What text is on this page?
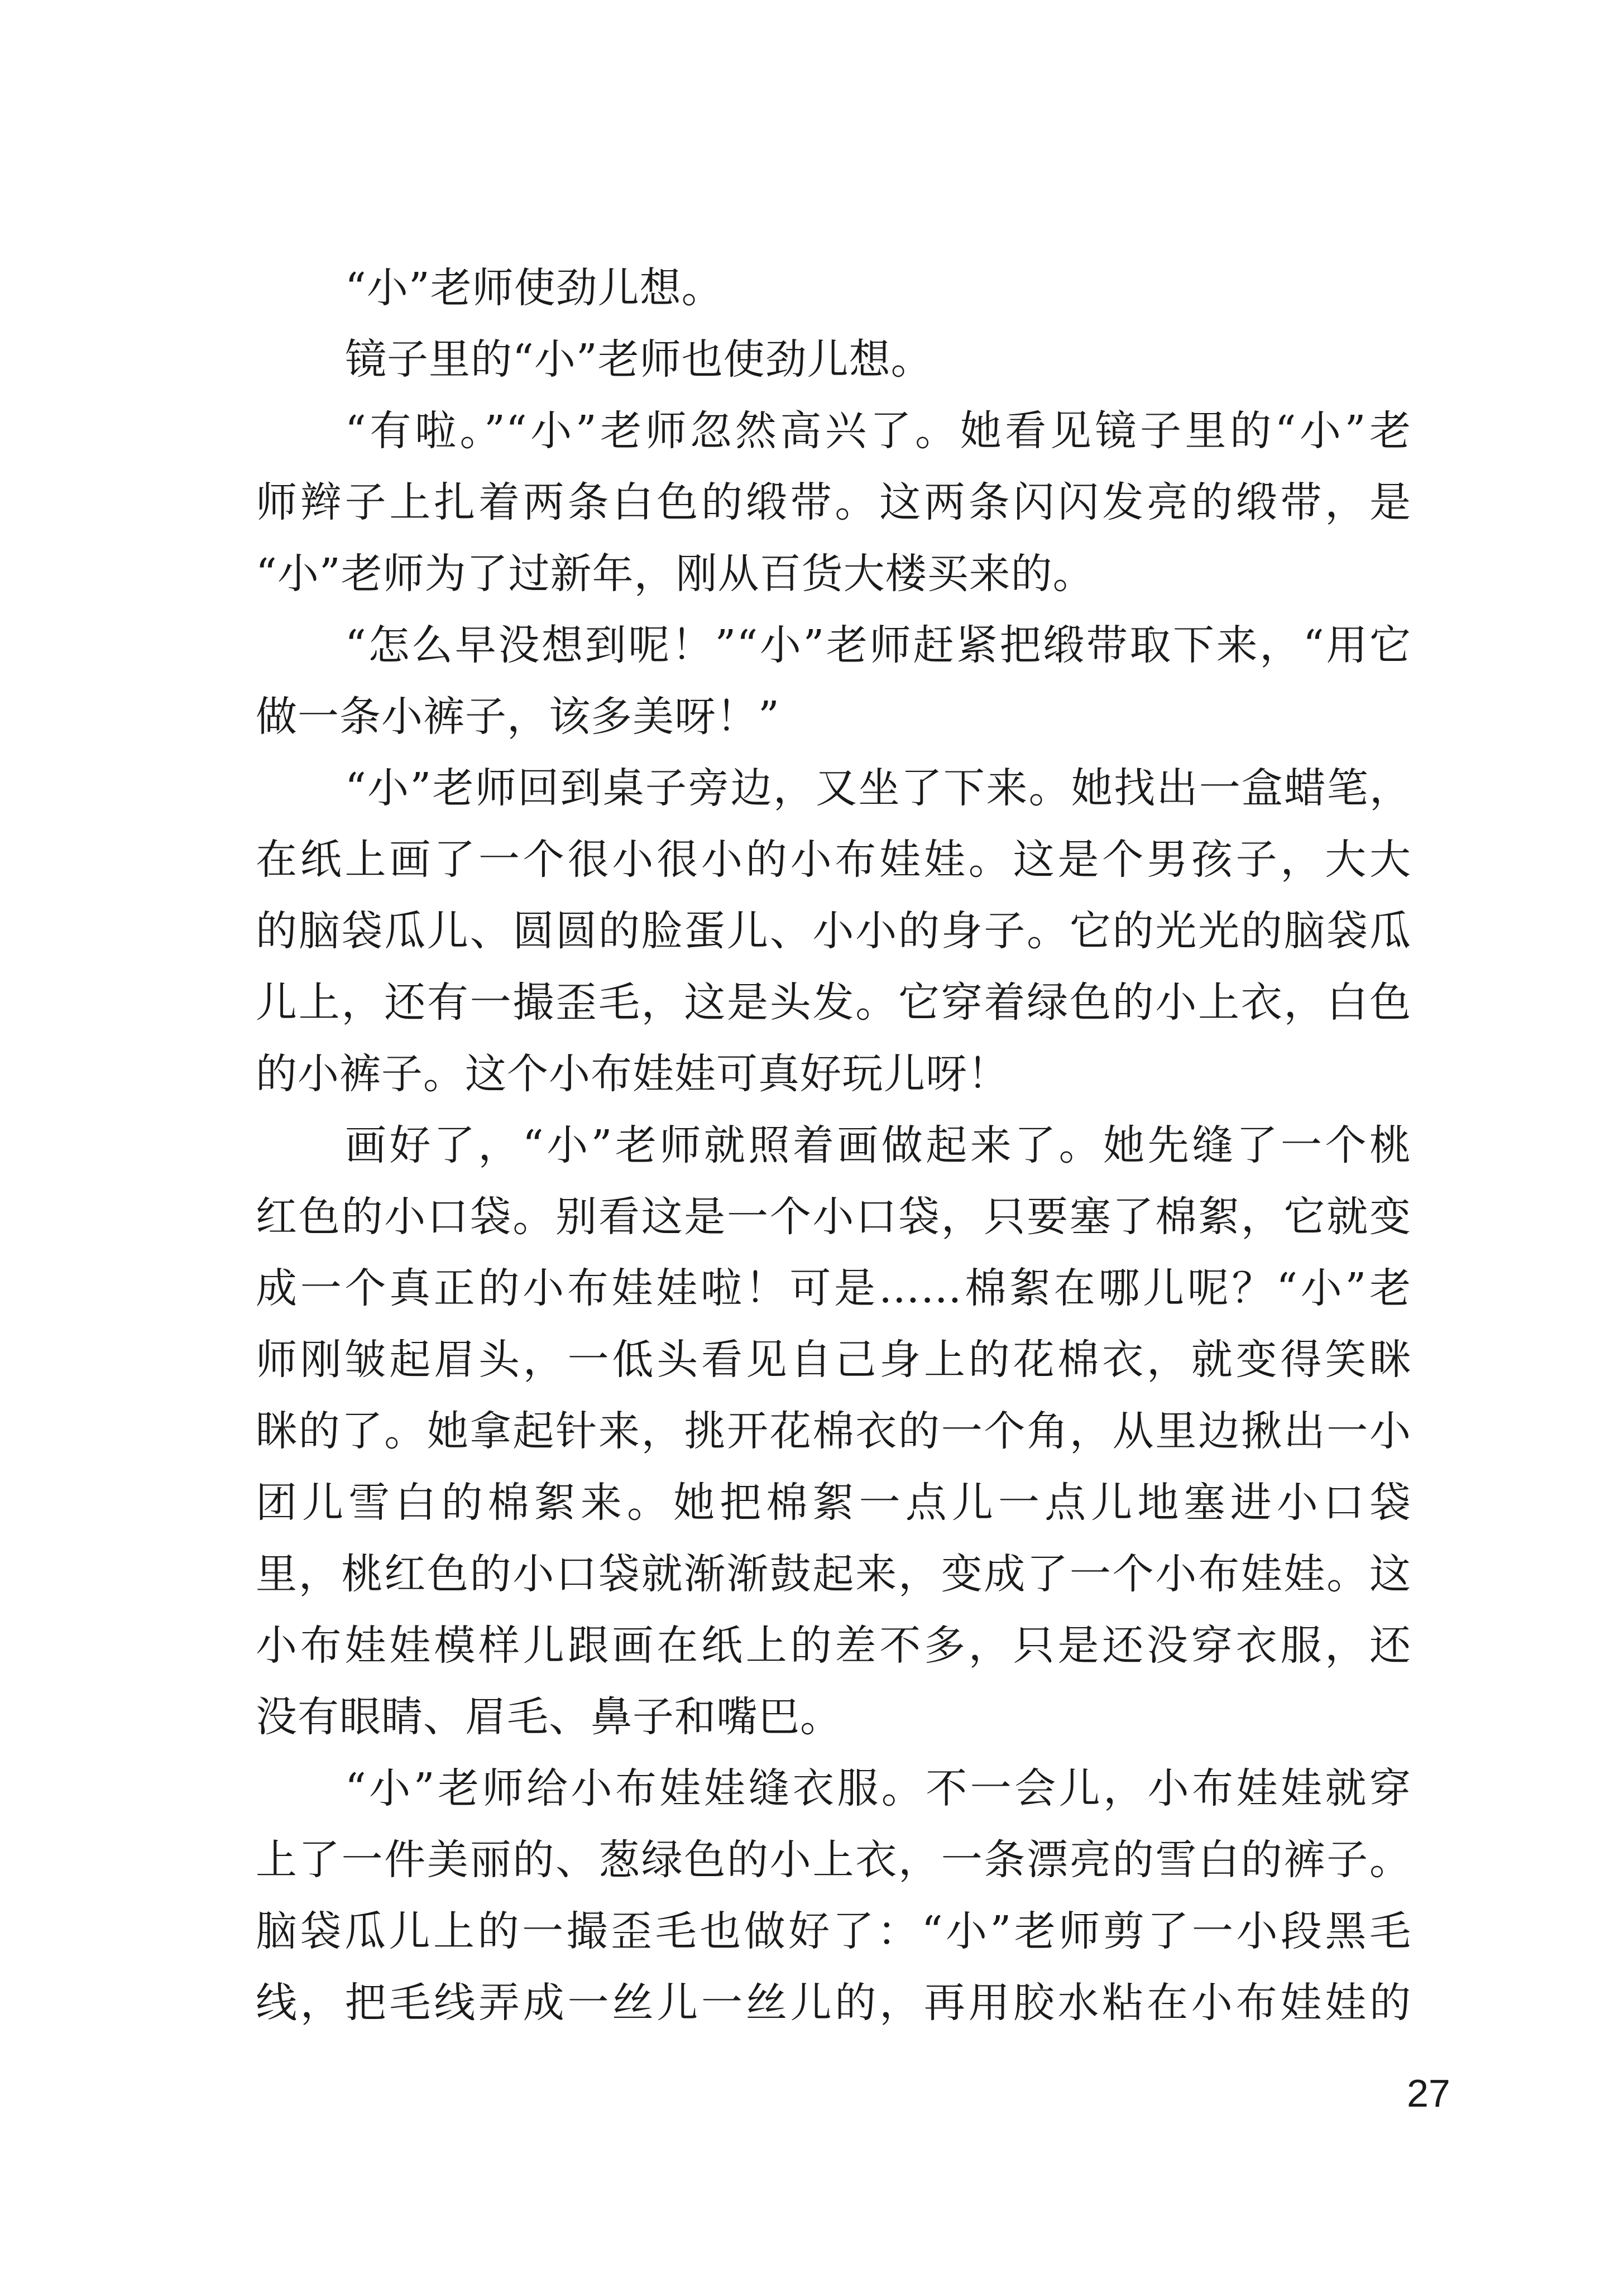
“小”老师使劲儿想。
镜子里的“小”老师也使劲儿想。
“有啦。”“小”老师忽然高兴了。她看见镜子里的“小”老
师辫子上扎着两条白色的缎带。这两条闪闪发亮的缎带，是
“小”老师为了过新年，刚从百货大楼买来的。
“怎么早没想到呢！”“小”老师赶紧把缎带取下来，“用它
做一条小裤子，该多美呀！”
“小”老师回到桌子旁边，又坐了下来。她找出一盒蜡笔，
在纸上画了一个很小很小的小布娃娃。这是个男孩子，大大
的脑袋瓜儿、圆圆的脸蛋儿、小小的身子。它的光光的脑袋瓜
儿上，还有一撮歪毛，这是头发。它穿着绿色的小上衣，白色
的小裤子。这个小布娃娃可真好玩儿呀！
画好了，“小”老师就照着画做起来了。她先缝了一个桃
红色的小口袋。别看这是一个小口袋，只要塞了棉絮，它就变
成一个真正的小布娃娃啦！可是……棉絮在哪儿呢？“小”老
师刚皱起眉头，一低头看见自己身上的花棉衣，就变得笑眯
眯的了。她拿起针来，挑开花棉衣的一个角，从里边揪出一小
团儿雪白的棉絮来。她把棉絮一点儿一点儿地塞进小口袋
里，桃红色的小口袋就渐渐鼓起来，变成了一个小布娃娃。这
小布娃娃模样儿跟画在纸上的差不多，只是还没穿衣服，还
没有眼睛、眉毛、鼻子和嘴巴。
“小”老师给小布娃娃缝衣服。不一会儿，小布娃娃就穿
上了一件美丽的、葱绿色的小上衣，一条漂亮的雪白的裤子。
脑袋瓜儿上的一撮歪毛也做好了：“小”老师剪了一小段黑毛
线，把毛线弄成一丝儿一丝儿的，再用胶水粘在小布娃娃的
27
